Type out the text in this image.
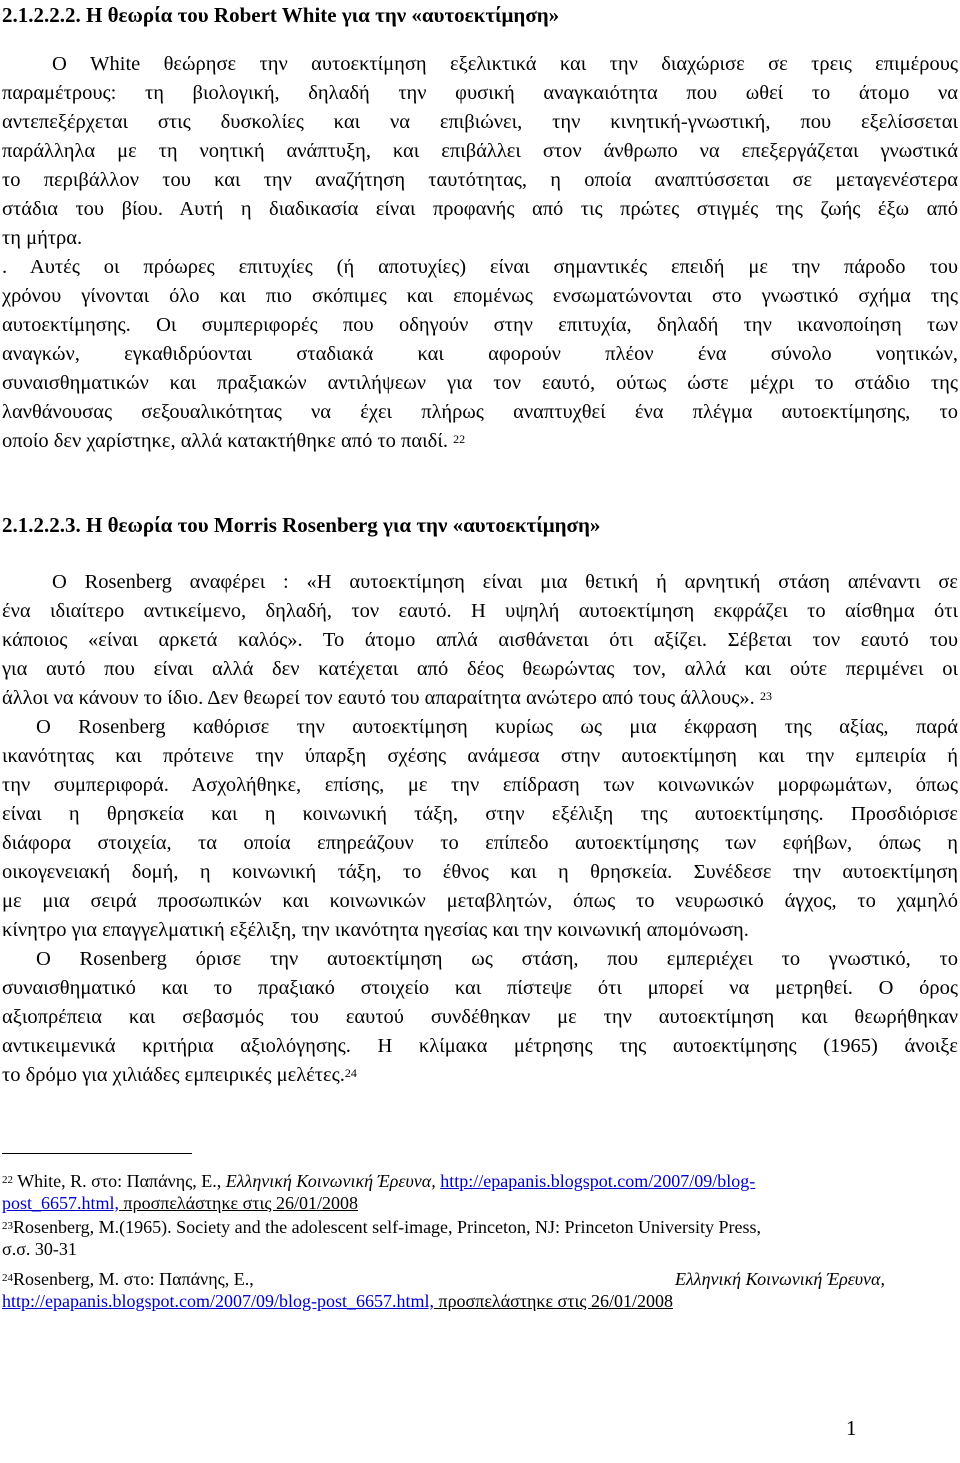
2.1.2.2.2. Η θεωρία του Robert White για την «αυτοεκτίμηση»
Ο White θεώρησε την αυτοεκτίμηση εξελικτικά και την διαχώρισε σε τρεις επιμέρους
παραμέτρους: τη βιολογική, δηλαδή την φυσική αναγκαιότητα που ωθεί το άτομο να
αντεπεξέρχεται στις δυσκολίες και να επιβιώνει, την κινητική-γνωστική, που εξελίσσεται
παράλληλα με τη νοητική ανάπτυξη, και επιβάλλει στον άνθρωπο να επεξεργάζεται γνωστικά
το περιβάλλον του και την αναζήτηση ταυτότητας, η οποία αναπτύσσεται σε μεταγενέστερα
στάδια του βίου. Αυτή η διαδικασία είναι προφανής από τις πρώτες στιγμές της ζωής έξω από
τη μήτρα.
. Αυτές οι πρόωρες επιτυχίες (ή αποτυχίες) είναι σημαντικές επειδή με την πάροδο του
χρόνου γίνονται όλο και πιο σκόπιμες και επομένως ενσωματώνονται στο γνωστικό σχήμα της
αυτοεκτίμησης. Οι συμπεριφορές που οδηγούν στην επιτυχία, δηλαδή την ικανοποίηση των
αναγκών, εγκαθιδρύονται σταδιακά και αφορούν πλέον ένα σύνολο νοητικών,
συναισθηματικών και πραξιακών αντιλήψεων για τον εαυτό, ούτως ώστε μέχρι το στάδιο της
λανθάνουσας σεξουαλικότητας να έχει πλήρως αναπτυχθεί ένα πλέγμα αυτοεκτίμησης, το
οποίο δεν χαρίστηκε, αλλά κατακτήθηκε από το παιδί. $^{22}$
2.1.2.2.3. Η θεωρία του Morris Rosenberg για την «αυτοεκτίμηση»
Ο Rosenberg αναφέρει : «Η αυτοεκτίμηση είναι μια θετική ή αρνητική στάση απέναντι σε
ένα ιδιαίτερο αντικείμενο, δηλαδή, τον εαυτό. Η υψηλή αυτοεκτίμηση εκφράζει το αίσθημα ότι
κάποιος «είναι αρκετά καλός». Το άτομο απλά αισθάνεται ότι αξίζει. Σέβεται τον εαυτό του
για αυτό που είναι αλλά δεν κατέχεται από δέος θεωρώντας τον, αλλά και ούτε περιμένει οι
άλλοι να κάνουν το ίδιο. Δεν θεωρεί τον εαυτό του απαραίτητα ανώτερο από τους άλλους». $^{23}$
Ο Rosenberg καθόρισε την αυτοεκτίμηση κυρίως ως μια έκφραση της αξίας, παρά
ικανότητας και πρότεινε την ύπαρξη σχέσης ανάμεσα στην αυτοεκτίμηση και την εμπειρία ή
την συμπεριφορά. Ασχολήθηκε, επίσης, με την επίδραση των κοινωνικών μορφωμάτων, όπως
είναι η θρησκεία και η κοινωνική τάξη, στην εξέλιξη της αυτοεκτίμησης. Προσδιόρισε
διάφορα στοιχεία, τα οποία επηρεάζουν το επίπεδο αυτοεκτίμησης των εφήβων, όπως η
οικογενειακή δομή, η κοινωνική τάξη, το έθνος και η θρησκεία. Συνέδεσε την αυτοεκτίμηση
με μια σειρά προσωπικών και κοινωνικών μεταβλητών, όπως το νευρωσικό άγχος, το χαμηλό
κίνητρο για επαγγελματική εξέλιξη, την ικανότητα ηγεσίας και την κοινωνική απομόνωση.
Ο Rosenberg όρισε την αυτοεκτίμηση ως στάση, που εμπεριέχει το γνωστικό, το
συναισθηματικό και το πραξιακό στοιχείο και πίστεψε ότι μπορεί να μετρηθεί. Ο όρος
αξιοπρέπεια και σεβασμός του εαυτού συνδέθηκαν με την αυτοεκτίμηση και θεωρήθηκαν
αντικειμενικά κριτήρια αξιολόγησης. Η κλίμακα μέτρησης της αυτοεκτίμησης (1965) άνοιξε
το δρόμο για χιλιάδες εμπειρικές μελέτες.$^{24}$
$^{22}$ White, R. στο: Παπάνης, Ε., Ελληνική Κοινωνική Έρευνα, http://epapanis.blogspot.com/2007/09/blog-
post_6657.html, προσπελάστηκε στις 26/01/2008
$^{23}$Rosenberg, M.(1965). Society and the adolescent self-image, Princeton, NJ: Princeton University Press,
σ.σ. 30-31
$^{24}$Rosenberg, M. στο: Παπάνης, Ε.,	Ελληνική Κοινωνική Έρευνα,
http://epapanis.blogspot.com/2007/09/blog-post_6657.html, προσπελάστηκε στις 26/01/2008
1
